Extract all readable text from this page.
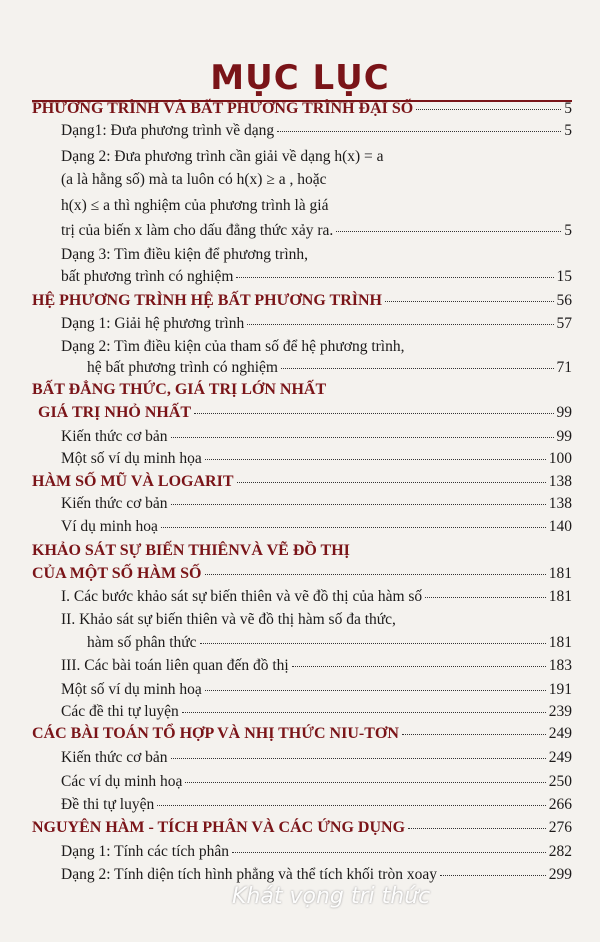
MỤC LỤC
PHƯƠNG TRÌNH VÀ BẤT PHƯƠNG TRÌNH ĐẠI SỐ	5
Dạng1: Đưa phương trình về dạng	5
Dạng 2: Đưa phương trình cần giải về dạng h(x) = a
(a là hằng số) mà ta luôn có h(x) ≥ a , hoặc
h(x) ≤ a thì nghiệm của phương trình là giá
trị của biến x làm cho dấu đẳng thức xảy ra.	5
Dạng 3: Tìm điều kiện để phương trình,
bất phương trình có nghiệm	15
HỆ PHƯƠNG TRÌNH HỆ BẤT PHƯƠNG TRÌNH	56
Dạng 1: Giải hệ phương trình	57
Dạng 2: Tìm điều kiện của tham số để hệ phương trình,
hệ bất phương trình có nghiệm	71
BẤT ĐẲNG THỨC, GIÁ TRỊ LỚN NHẤT
GIÁ TRỊ NHỎ NHẤT	99
Kiến thức cơ bản	99
Một số ví dụ minh họa	100
HÀM SỐ MŨ VÀ LOGARIT	138
Kiến thức cơ bản	138
Ví dụ minh hoạ	140
KHẢO SÁT SỰ BIẾN THIÊNVÀ VẼ ĐỒ THỊ
CỦA MỘT SỐ HÀM SỐ	181
I. Các bước khảo sát sự biến thiên và vẽ đồ thị của hàm số	181
II. Khảo sát sự biến thiên và vẽ đồ thị hàm số đa thức,
hàm số phân thức	181
III. Các bài toán liên quan đến đồ thị	183
Một số ví dụ minh hoạ	191
Các đề thi tự luyện	239
CÁC BÀI TOÁN TỔ HỢP VÀ NHỊ THỨC NIU-TƠN	249
Kiến thức cơ bản	249
Các ví dụ minh hoạ	250
Đề thi tự luyện	266
NGUYÊN HÀM - TÍCH PHÂN VÀ CÁC ỨNG DỤNG	276
Dạng 1: Tính các tích phân	282
Dạng 2: Tính diện tích hình phẳng và thể tích khối tròn xoay	299
Khát vọng tri thức
